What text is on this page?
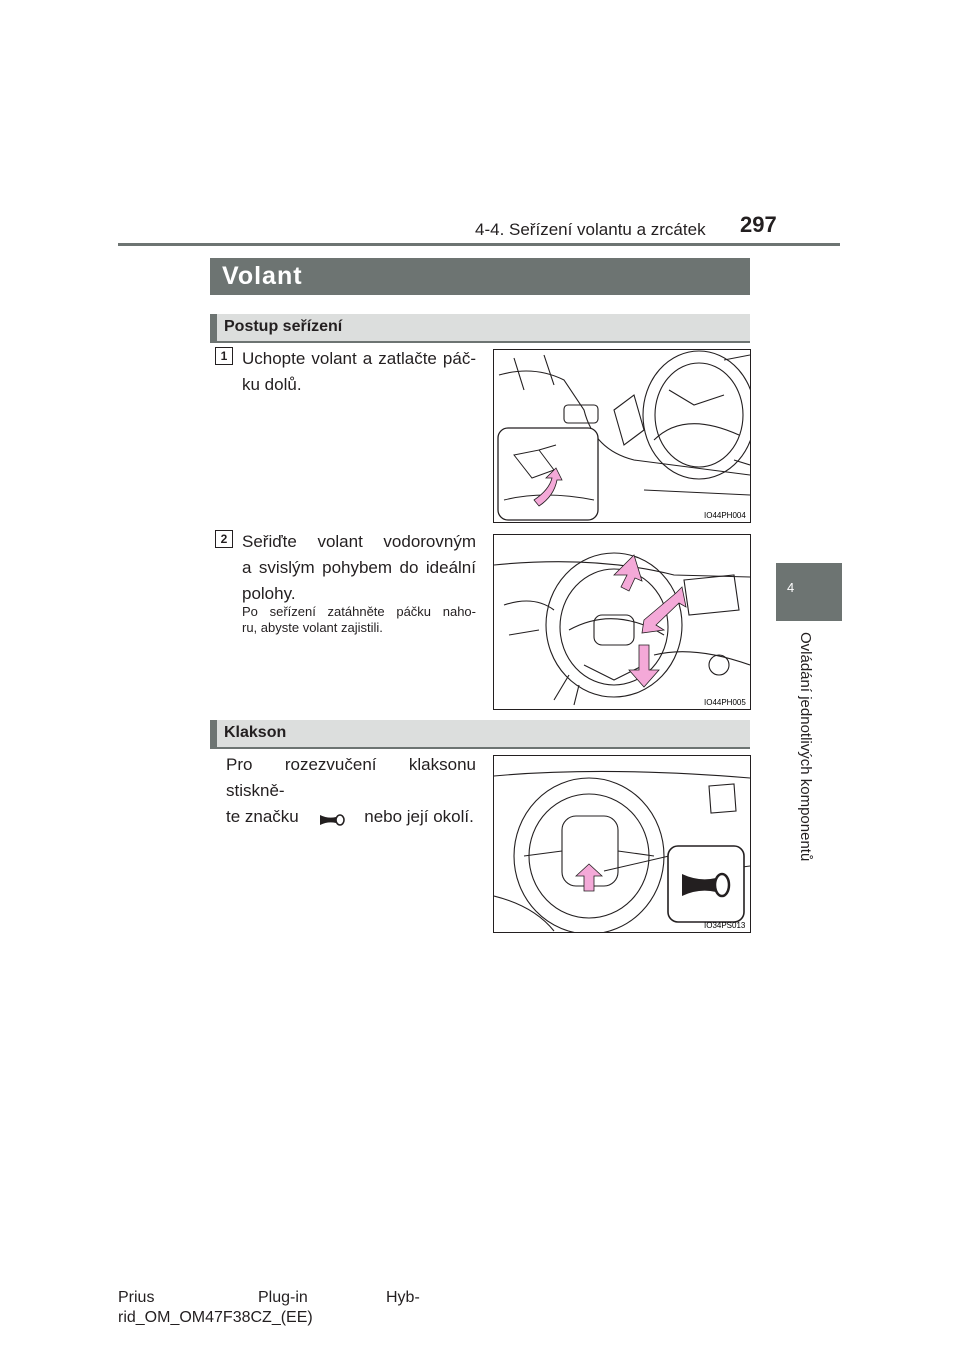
4-4. Seřízení volantu a zrcátek 297
4
Ovládání jednotlivých komponentů
Volant
Postup seřízení
1 Uchopte volant a zatlačte páč-
ku dolů.
IO44PH004
2 Seřiďte volant vodorovným
a svislým pohybem do ideální
polohy.
Po seřízení zatáhněte páčku naho-
ru, abyste volant zajistili.
IO44PH005
Klakson
Pro rozezvučení klaksonu stiskně-
te značku	nebo její okolí.
IO34PS013
Prius	Plug-in	Hyb-
rid_OM_OM47F38CZ_(EE)
